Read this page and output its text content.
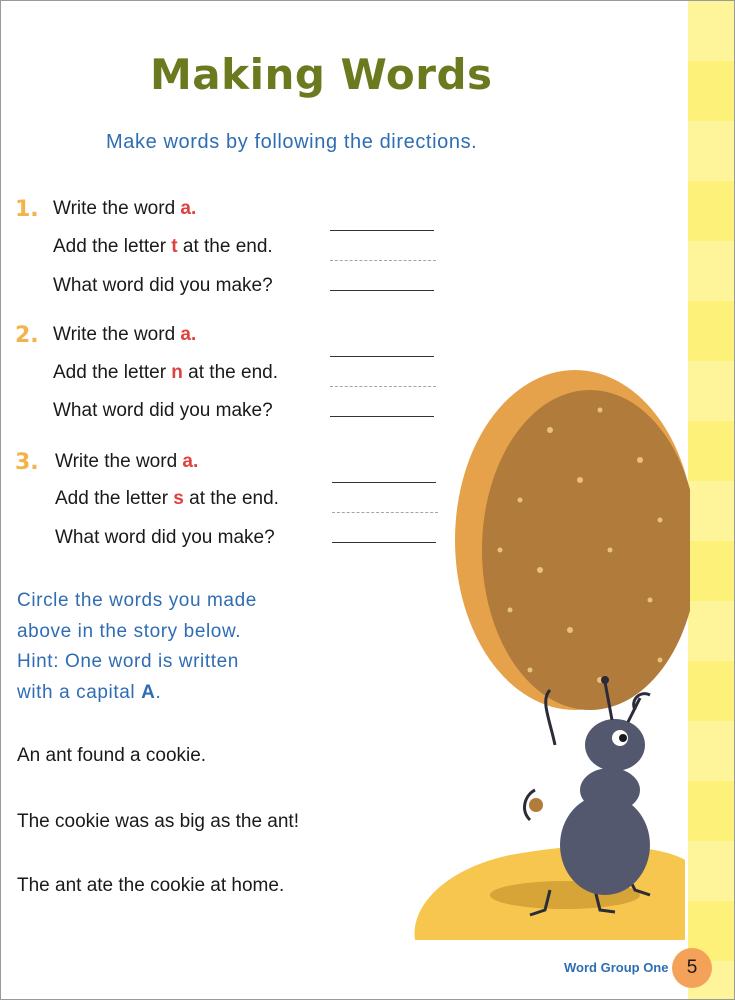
Making Words

Make words by following the directions.

1. Write the word a.
Add the letter t at the end.
What word did you make?
2. Write the word a.
Add the letter n at the end.
What word did you make?
3. Write the word a.
Add the letter s at the end.
What word did you make?

Circle the words you made
above in the story below.
Hint: One word is written
with a capital A.

An ant found a cookie.

The cookie was as big as the ant!

The ant ate the cookie at home.

Word Group One 5
